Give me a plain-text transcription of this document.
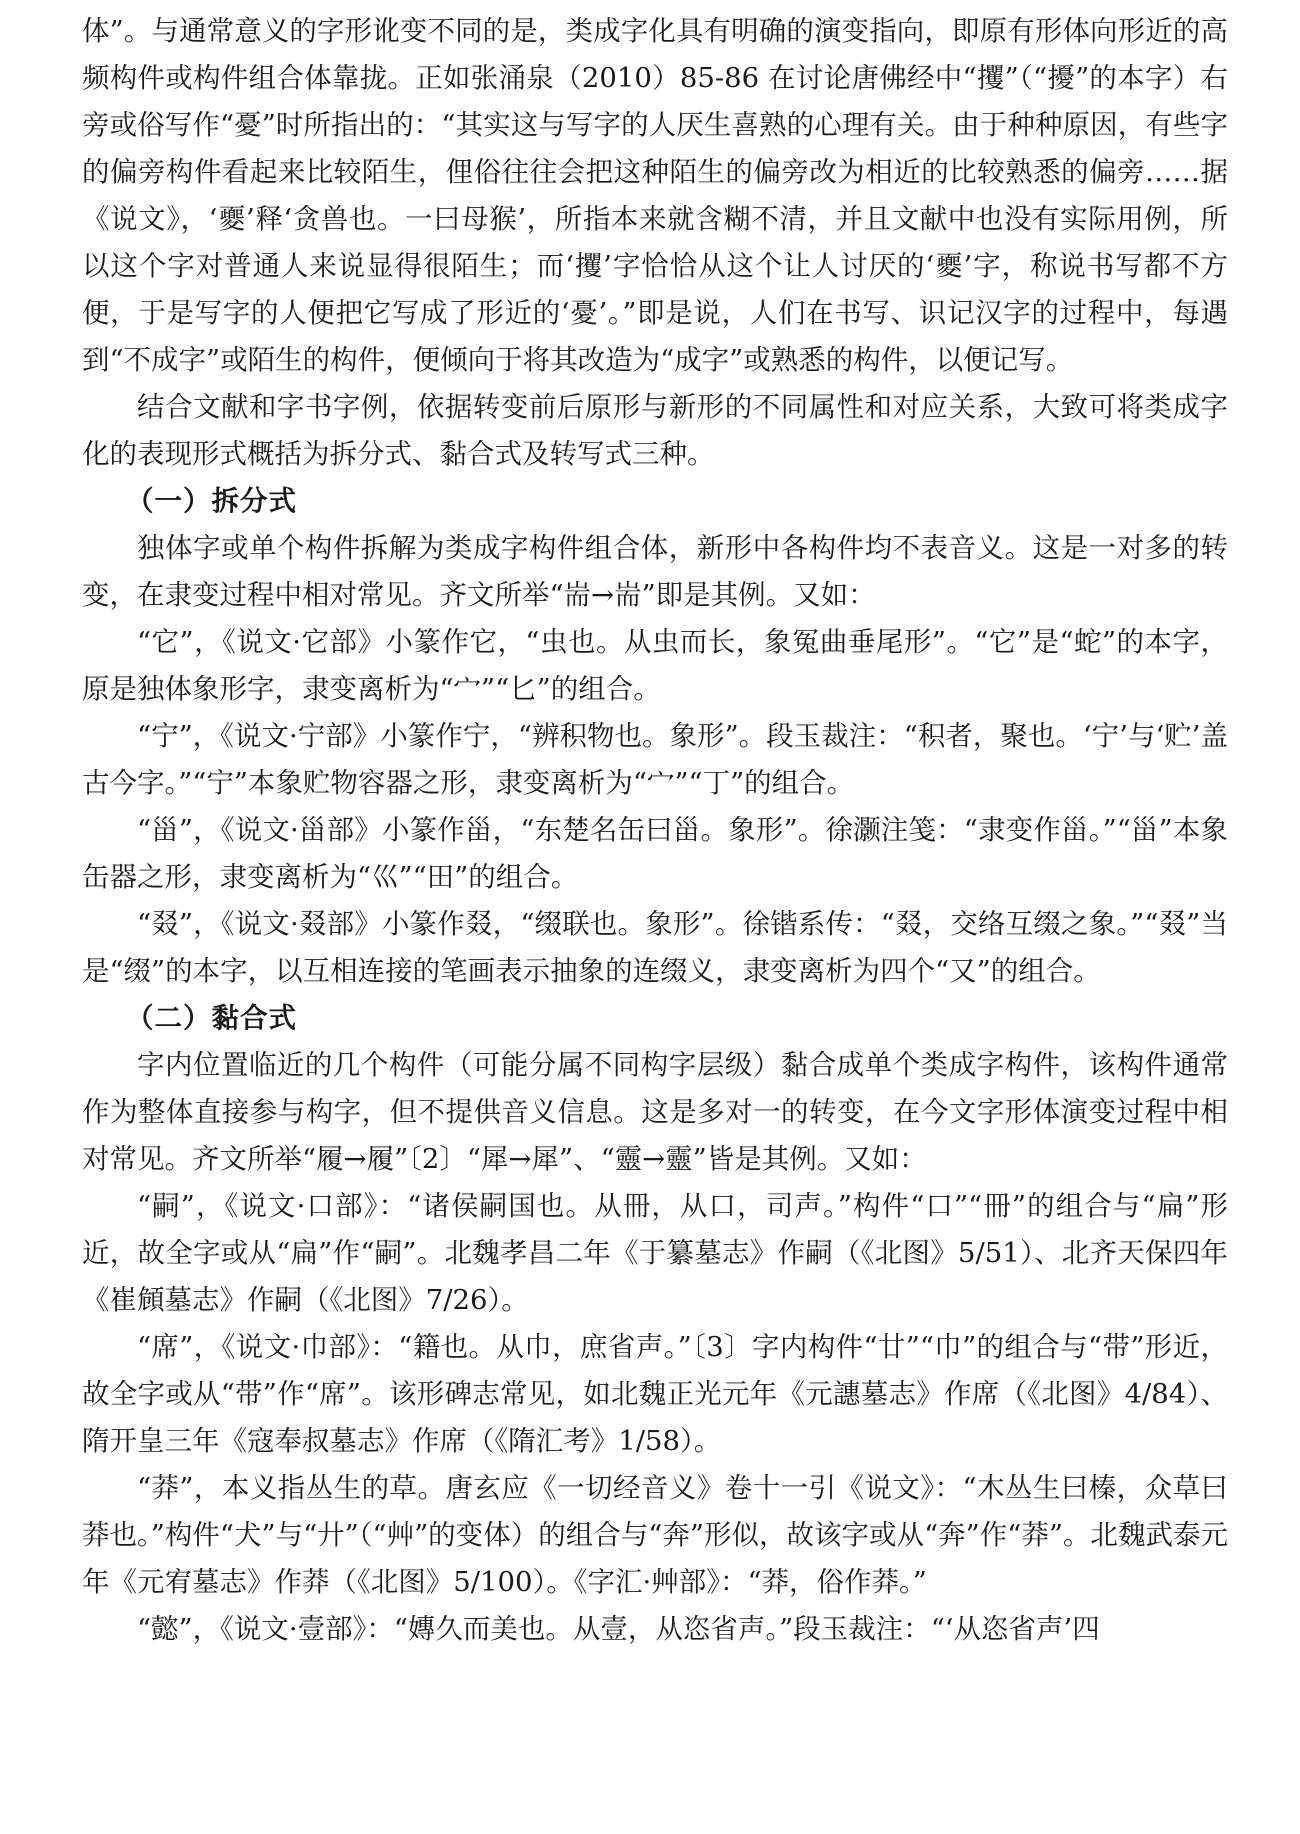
体”。与通常意义的字形讹变不同的是，类成字化具有明确的演变指向，即原有形体向形近的高频构件或构件组合体靠拢。正如张涌泉（2010）85-86 在讨论唐佛经中“攫”（“擾”的本字）右旁或俗写作“憂”时所指出的：“其实这与写字的人厌生喜熟的心理有关。由于种种原因，有些字的偏旁构件看起来比较陌生，俚俗往往会把这种陌生的偏旁改为相近的比较熟悉的偏旁……据《说文》，‘夒’释‘贪兽也。一曰母猴’，所指本来就含糊不清，并且文献中也没有实际用例，所以这个字对普通人来说显得很陌生；而‘攫’字恰恰从这个让人讨厌的‘夒’字，称说书写都不方便，于是写字的人便把它写成了形近的‘憂’。”即是说，人们在书写、识记汉字的过程中，每遇到“不成字”或陌生的构件，便倾向于将其改造为“成字”或熟悉的构件，以便记写。

结合文献和字书字例，依据转变前后原形与新形的不同属性和对应关系，大致可将类成字化的表现形式概括为拆分式、黏合式及转写式三种。

（一）拆分式

独体字或单个构件拆解为类成字构件组合体，新形中各构件均不表音义。这是一对多的转变，在隶变过程中相对常见。齐文所举“耑→耑”即是其例。又如：

“它”，《说文·它部》小篆作它，“虫也。从虫而长，象冤曲垂尾形”。“它”是“蛇”的本字，原是独体象形字，隶变离析为“宀”“匕”的组合。

“宁”，《说文·宁部》小篆作宁，“辨积物也。象形”。段玉裁注：“积者，聚也。‘宁’与‘贮’盖古今字。”“宁”本象贮物容器之形，隶变离析为“宀”“丁”的组合。

“甾”，《说文·甾部》小篆作甾，“东楚名缶曰甾。象形”。徐灏注笺：“隶变作甾。”“甾”本象缶器之形，隶变离析为“巛”“田”的组合。

“叕”，《说文·叕部》小篆作叕，“缀联也。象形”。徐锴系传：“叕，交络互缀之象。”“叕”当是“缀”的本字，以互相连接的笔画表示抽象的连缀义，隶变离析为四个“又”的组合。

（二）黏合式

字内位置临近的几个构件（可能分属不同构字层级）黏合成单个类成字构件，该构件通常作为整体直接参与构字，但不提供音义信息。这是多对一的转变，在今文字形体演变过程中相对常见。齐文所举“履→履”〔2〕“犀→犀”、“靈→靈”皆是其例。又如：

“嗣”，《说文·口部》：“诸侯嗣国也。从冊，从口，司声。”构件“口”“冊”的组合与“扁”形近，故全字或从“扁”作“嗣”。北魏孝昌二年《于纂墓志》作嗣（《北图》5/51）、北齐天保四年《崔頠墓志》作嗣（《北图》7/26）。

“席”，《说文·巾部》：“籍也。从巾，庶省声。”〔3〕字内构件“廿”“巾”的组合与“带”形近，故全字或从“带”作“席”。该形碑志常见，如北魏正光元年《元譓墓志》作席（《北图》4/84）、隋开皇三年《寇奉叔墓志》作席（《隋汇考》1/58）。

“莽”，本义指丛生的草。唐玄应《一切经音义》卷十一引《说文》：“木丛生曰榛，众草曰莽也。”构件“犬”与“廾”（“艸”的变体）的组合与“奔”形似，故该字或从“奔”作“莽”。北魏武泰元年《元宥墓志》作莽（《北图》5/100）。《字汇·艸部》：“莽，俗作莽。”

“懿”，《说文·壹部》：“嫥久而美也。从壹，从恣省声。”段玉裁注：“‘从恣省声’四
